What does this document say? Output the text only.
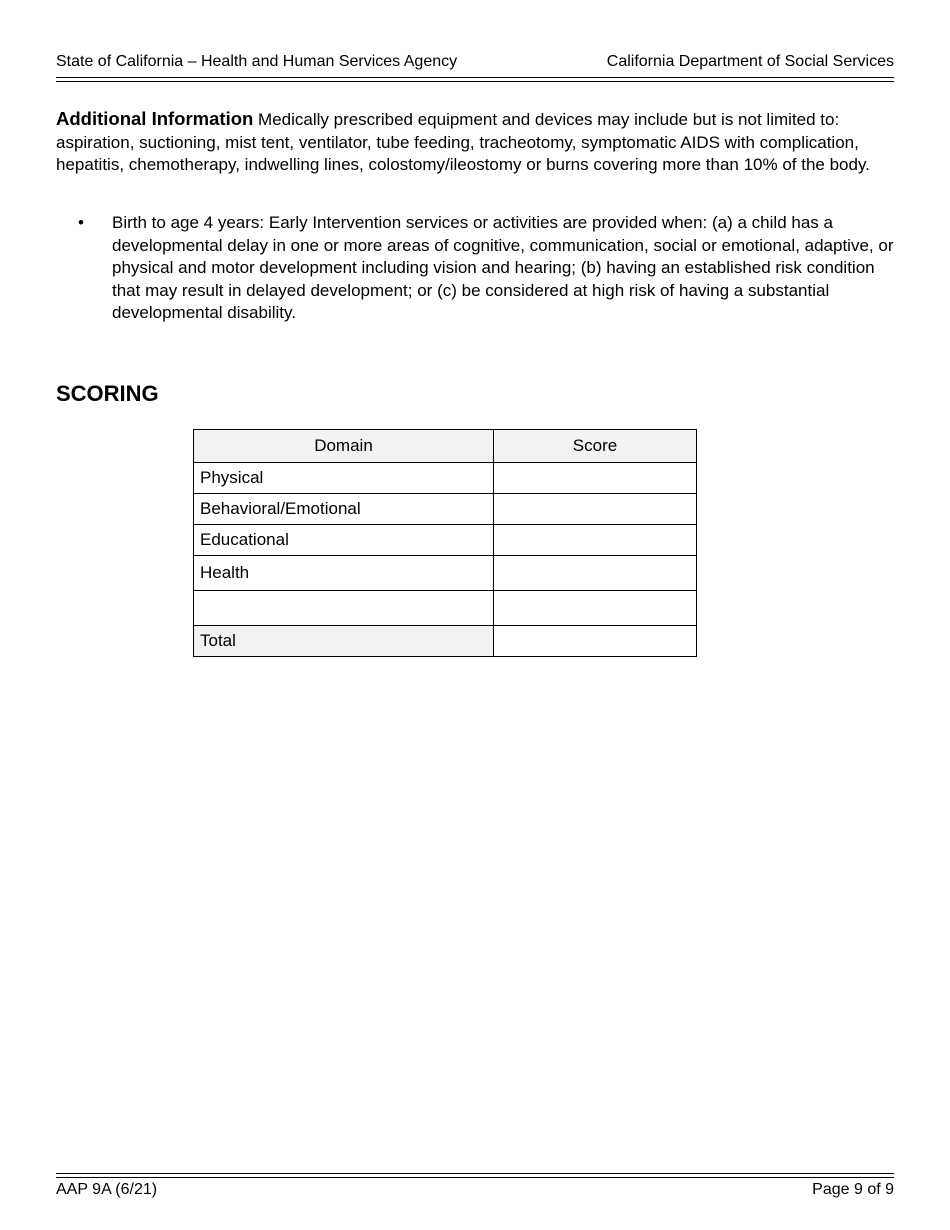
State of California – Health and Human Services Agency	California Department of Social Services

Additional Information Medically prescribed equipment and devices may include but is not limited to: aspiration, suctioning, mist tent, ventilator, tube feeding, tracheotomy, symptomatic AIDS with complication, hepatitis, chemotherapy, indwelling lines, colostomy/ileostomy or burns covering more than 10% of the body.

•	Birth to age 4 years: Early Intervention services or activities are provided when: (a) a child has a developmental delay in one or more areas of cognitive, communication, social or emotional, adaptive, or physical and motor development including vision and hearing; (b) having an established risk condition that may result in delayed development; or (c) be considered at high risk of having a substantial developmental disability.
SCORING
Domain	Score
Physical	
Behavioral/Emotional	
Educational	
Health	

Total	
AAP 9A (6/21)	Page 9 of 9
